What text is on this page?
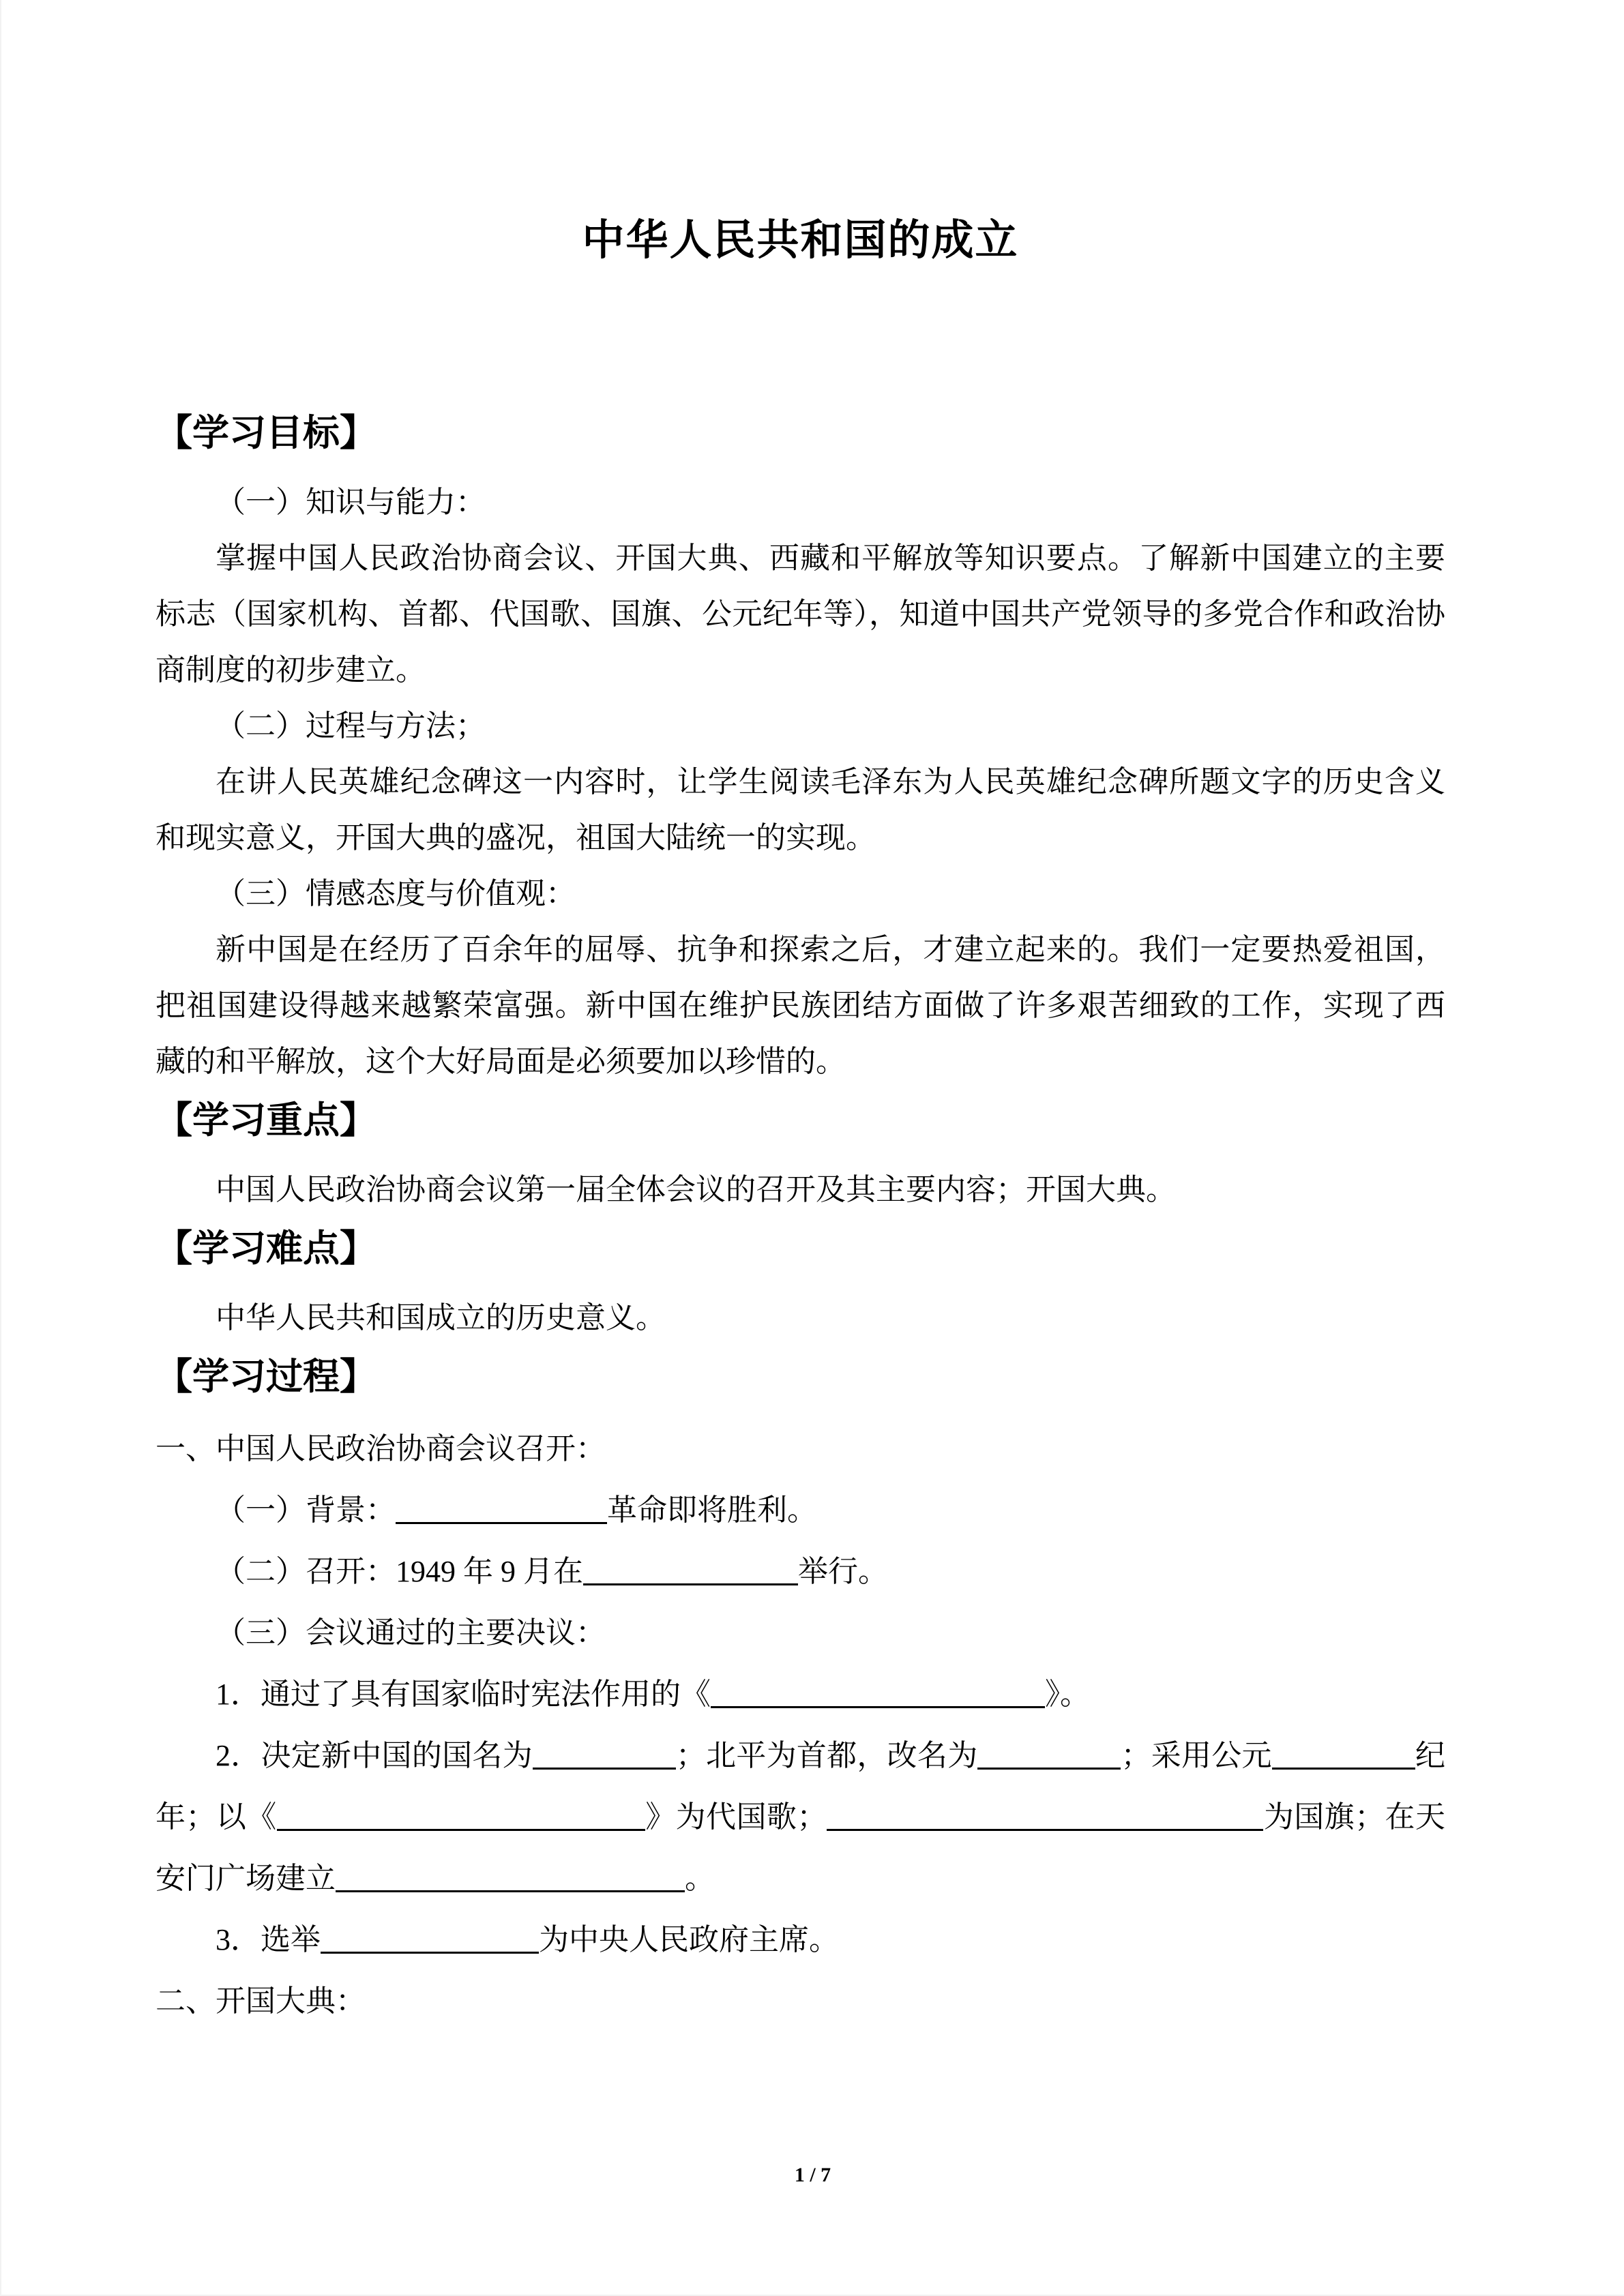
中华人民共和国的成立
【学习目标】

（一）知识与能力：

掌握中国人民政治协商会议、开国大典、西藏和平解放等知识要点。了解新中国建立的主要标志（国家机构、首都、代国歌、国旗、公元纪年等），知道中国共产党领导的多党合作和政治协商制度的初步建立。

（二）过程与方法；

在讲人民英雄纪念碑这一内容时，让学生阅读毛泽东为人民英雄纪念碑所题文字的历史含义和现实意义，开国大典的盛况，祖国大陆统一的实现。

（三）情感态度与价值观：

新中国是在经历了百余年的屈辱、抗争和探索之后，才建立起来的。我们一定要热爱祖国，把祖国建设得越来越繁荣富强。新中国在维护民族团结方面做了许多艰苦细致的工作，实现了西藏的和平解放，这个大好局面是必须要加以珍惜的。

【学习重点】

中国人民政治协商会议第一届全体会议的召开及其主要内容；开国大典。

【学习难点】

中华人民共和国成立的历史意义。

【学习过程】

一、中国人民政治协商会议召开：

（一）背景：	革命即将胜利。

（二）召开：1949 年 9 月在	举行。

（三）会议通过的主要决议：

1．通过了具有国家临时宪法作用的《	》。

2．决定新中国的国名为	；北平为首都，改名为	；采用公元	纪年；以《	》为代国歌；	为国旗；在天安门广场建立	。

3．选举	为中央人民政府主席。

二、开国大典：

1 / 7
